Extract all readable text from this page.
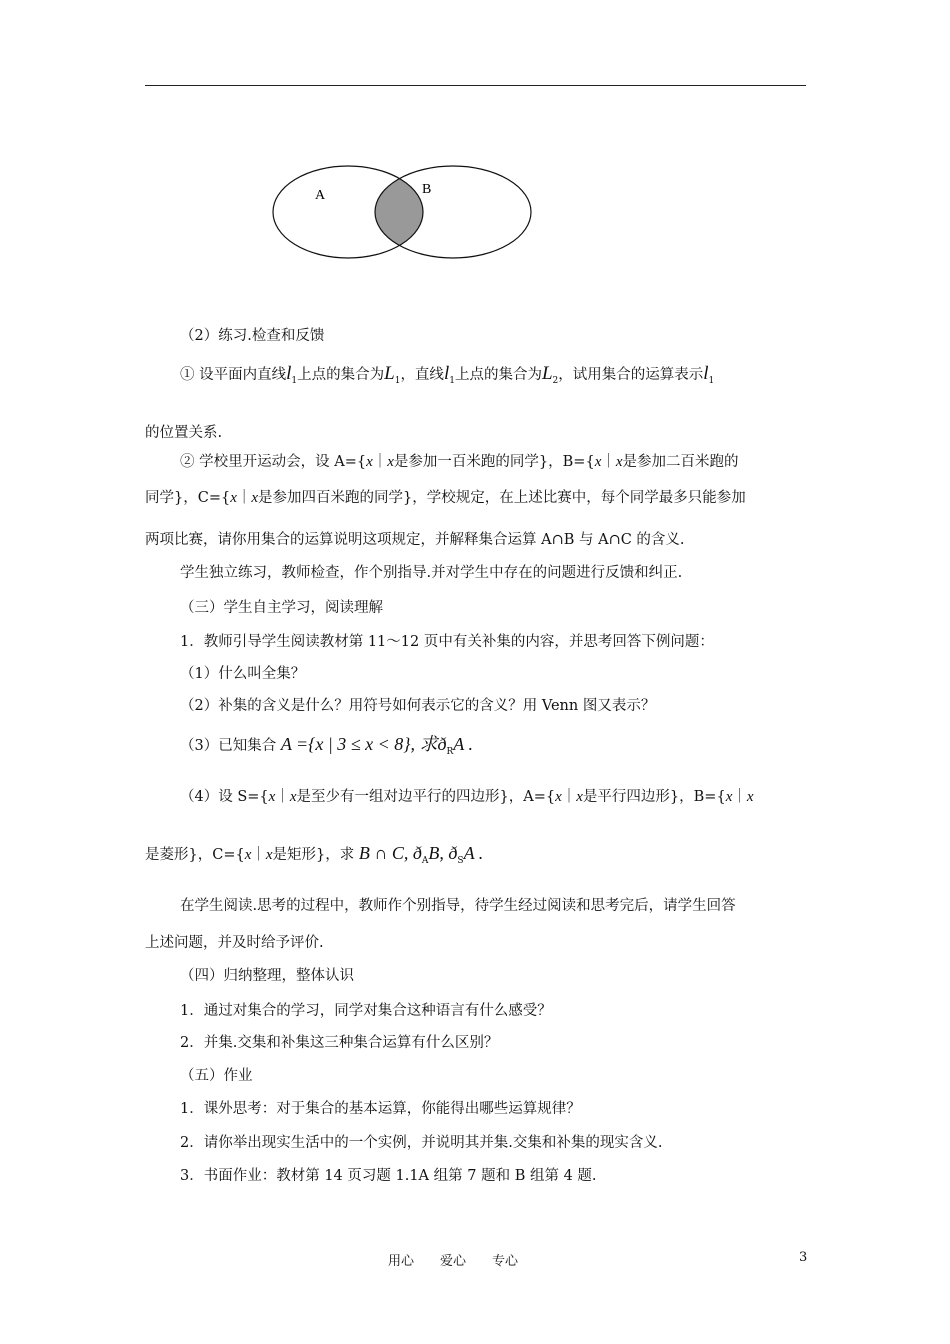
A	B
（2）练习.检查和反馈
① 设平面内直线$l_1$上点的集合为$L_1$，直线$l_1$上点的集合为$L_2$，试用集合的运算表示$l_1$
的位置关系.
② 学校里开运动会，设 A={x｜x是参加一百米跑的同学}，B={x｜x是参加二百米跑的
同学}，C={x｜x是参加四百米跑的同学}，学校规定，在上述比赛中，每个同学最多只能参加
两项比赛，请你用集合的运算说明这项规定，并解释集合运算 A∩B 与 A∩C 的含义.
学生独立练习，教师检查，作个别指导.并对学生中存在的问题进行反馈和纠正.
（三）学生自主学习，阅读理解
1．教师引导学生阅读教材第 11～12 页中有关补集的内容，并思考回答下例问题：
（1）什么叫全集？
（2）补集的含义是什么？用符号如何表示它的含义？用 Venn 图又表示？
（3）已知集合 A ={x | 3 ≤ x < 8}, 求$ð_RA$ .
（4）设 S={x｜x是至少有一组对边平行的四边形}，A={x｜x是平行四边形}，B={x｜x
是菱形}，C={x｜x是矩形}，求 B ∩ C, $ð_AB$, $ð_SA$ .
在学生阅读.思考的过程中，教师作个别指导，待学生经过阅读和思考完后，请学生回答
上述问题，并及时给予评价.
（四）归纳整理，整体认识
1．通过对集合的学习，同学对集合这种语言有什么感受？
2．并集.交集和补集这三种集合运算有什么区别？
（五）作业
1．课外思考：对于集合的基本运算，你能得出哪些运算规律？
2．请你举出现实生活中的一个实例，并说明其并集.交集和补集的现实含义.
3．书面作业：教材第 14 页习题 1.1A 组第 7 题和 B 组第 4 题.
用心　　爱心　　专心	3
